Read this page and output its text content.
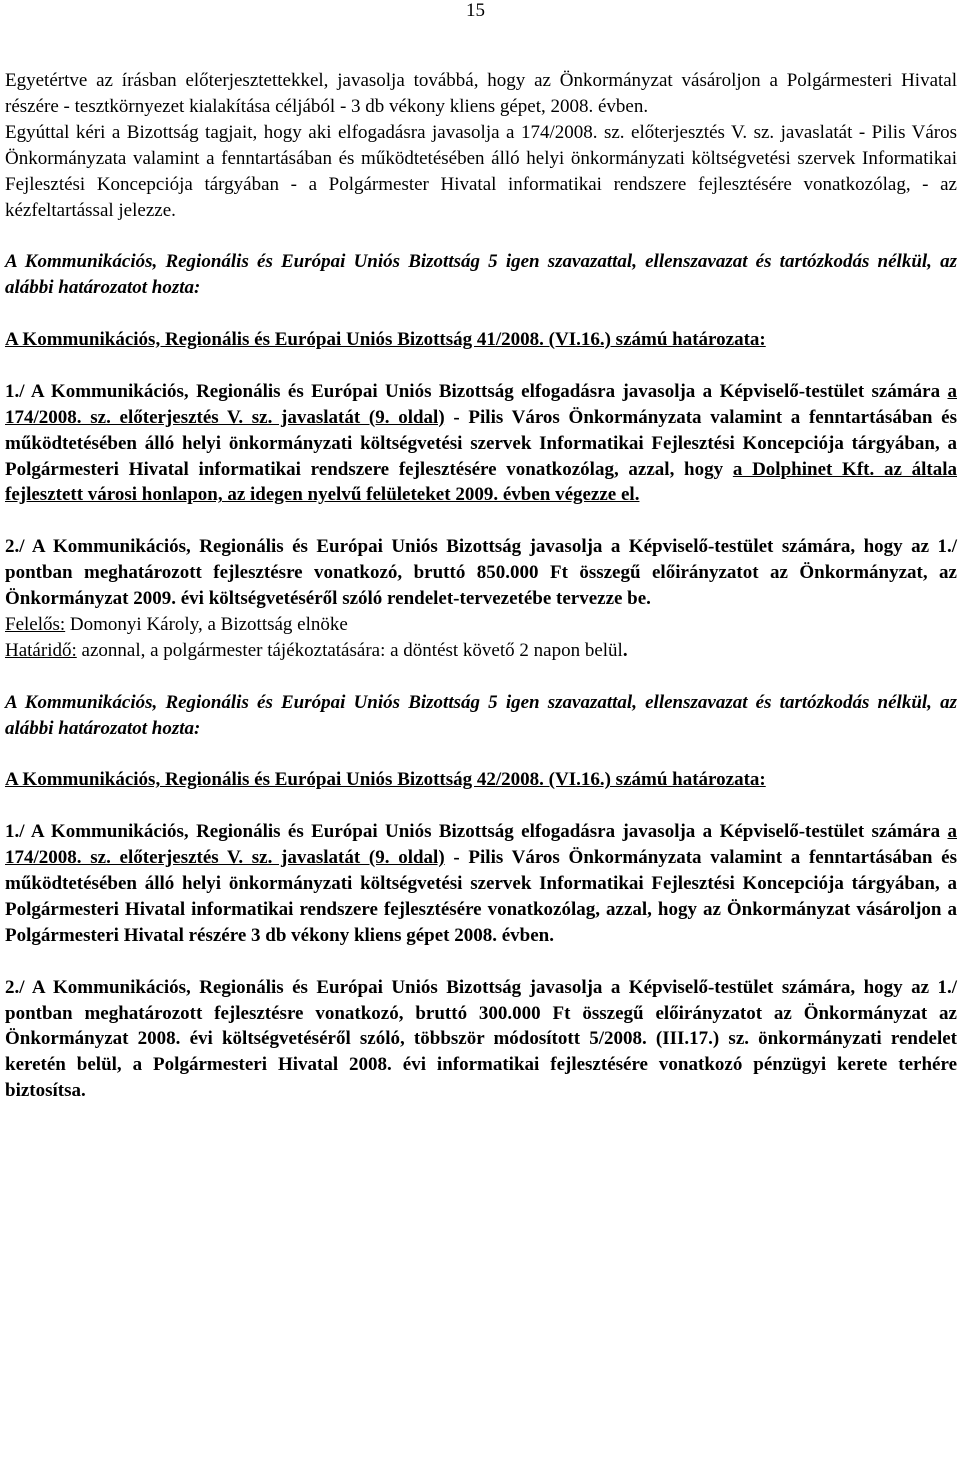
15

Egyetértve az írásban előterjesztettekkel, javasolja továbbá, hogy az Önkormányzat vásároljon a Polgármesteri Hivatal részére - tesztkörnyezet kialakítása céljából - 3 db vékony kliens gépet, 2008. évben.

Egyúttal kéri a Bizottság tagjait, hogy aki elfogadásra javasolja a 174/2008. sz. előterjesztés V. sz. javaslatát - Pilis Város Önkormányzata valamint a fenntartásában és működtetésében álló helyi önkormányzati költségvetési szervek Informatikai Fejlesztési Koncepciója tárgyában - a Polgármester Hivatal informatikai rendszere fejlesztésére vonatkozólag, - az kézfeltartással jelezze.

A Kommunikációs, Regionális és Európai Uniós Bizottság 5 igen szavazattal, ellenszavazat és tartózkodás nélkül, az alábbi határozatot hozta:

A Kommunikációs, Regionális és Európai Uniós Bizottság 41/2008. (VI.16.) számú határozata:

1./ A Kommunikációs, Regionális és Európai Uniós Bizottság elfogadásra javasolja a Képviselő-testület számára a 174/2008. sz. előterjesztés V. sz. javaslatát (9. oldal) - Pilis Város Önkormányzata valamint a fenntartásában és működtetésében álló helyi önkormányzati költségvetési szervek Informatikai Fejlesztési Koncepciója tárgyában, a Polgármesteri Hivatal informatikai rendszere fejlesztésére vonatkozólag, azzal, hogy a Dolphinet Kft. az általa fejlesztett városi honlapon, az idegen nyelvű felületeket 2009. évben végezze el.

2./ A Kommunikációs, Regionális és Európai Uniós Bizottság javasolja a Képviselő-testület számára, hogy az 1./ pontban meghatározott fejlesztésre vonatkozó, bruttó 850.000 Ft összegű előirányzatot az Önkormányzat, az Önkormányzat 2009. évi költségvetéséről szóló rendelet-tervezetébe tervezze be.

Felelős: Domonyi Károly, a Bizottság elnöke

Határidő: azonnal, a polgármester tájékoztatására: a döntést követő 2 napon belül.

A Kommunikációs, Regionális és Európai Uniós Bizottság 5 igen szavazattal, ellenszavazat és tartózkodás nélkül, az alábbi határozatot hozta:

A Kommunikációs, Regionális és Európai Uniós Bizottság 42/2008. (VI.16.) számú határozata:

1./ A Kommunikációs, Regionális és Európai Uniós Bizottság elfogadásra javasolja a Képviselő-testület számára a 174/2008. sz. előterjesztés V. sz. javaslatát (9. oldal) - Pilis Város Önkormányzata valamint a fenntartásában és működtetésében álló helyi önkormányzati költségvetési szervek Informatikai Fejlesztési Koncepciója tárgyában, a Polgármesteri Hivatal informatikai rendszere fejlesztésére vonatkozólag, azzal, hogy az Önkormányzat vásároljon a Polgármesteri Hivatal részére 3 db vékony kliens gépet 2008. évben.

2./ A Kommunikációs, Regionális és Európai Uniós Bizottság javasolja a Képviselő-testület számára, hogy az 1./ pontban meghatározott fejlesztésre vonatkozó, bruttó 300.000 Ft összegű előirányzatot az Önkormányzat az Önkormányzat 2008. évi költségvetéséről szóló, többször módosított 5/2008. (III.17.) sz. önkormányzati rendelet keretén belül, a Polgármesteri Hivatal 2008. évi informatikai fejlesztésére vonatkozó pénzügyi kerete terhére biztosítsa.
